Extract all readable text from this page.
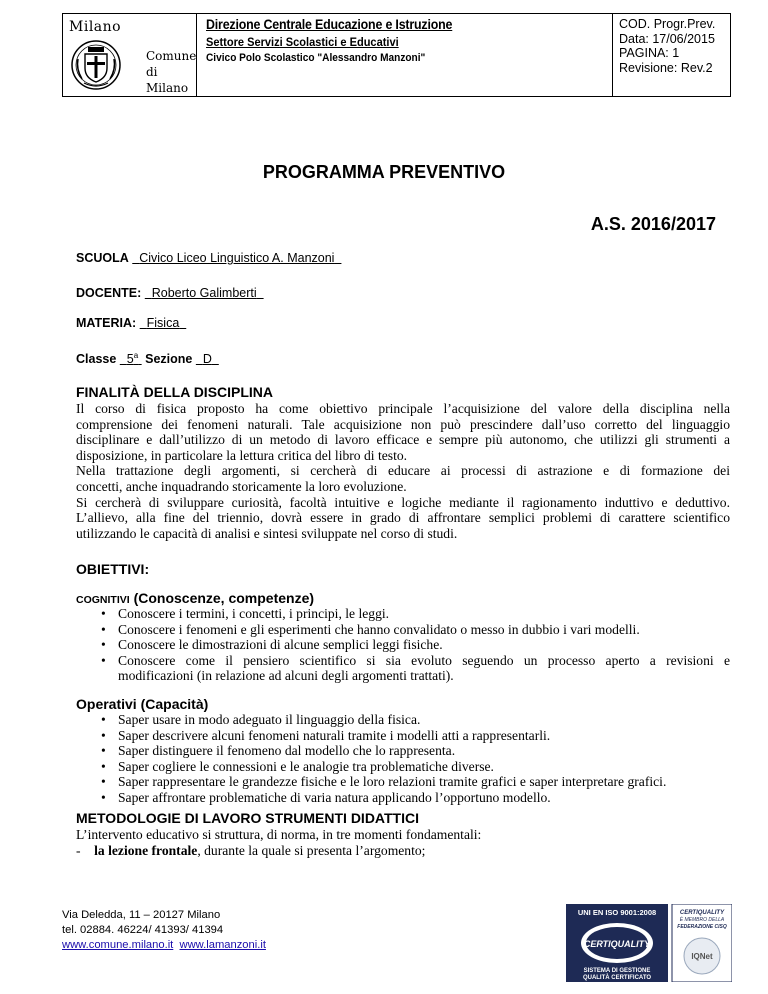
Milano
Comune
di Milano
Direzione Centrale Educazione e Istruzione
Settore Servizi Scolastici e Educativi
Civico Polo Scolastico "Alessandro Manzoni"
COD. Progr.Prev.
Data: 17/06/2015
PAGINA: 1
Revisione: Rev.2
PROGRAMMA PREVENTIVO
A.S. 2016/2017
SCUOLA Civico Liceo Linguistico A. Manzoni
DOCENTE: Roberto Galimberti
MATERIA: Fisica
Classe 5$^a$ Sezione D
FINALITÀ DELLA DISCIPLINA
Il corso di fisica proposto ha come obiettivo principale l’acquisizione del valore della disciplina nella
comprensione dei fenomeni naturali. Tale acquisizione non può prescindere dall’uso corretto del linguaggio
disciplinare e dall’utilizzo di un metodo di lavoro efficace e sempre più autonomo, che utilizzi gli strumenti a
disposizione, in particolare la lettura critica del libro di testo.
Nella trattazione degli argomenti, si cercherà di educare ai processi di astrazione e di formazione dei
concetti, anche inquadrando storicamente la loro evoluzione.
Si cercherà di sviluppare curiosità, facoltà intuitive e logiche mediante il ragionamento induttivo e deduttivo.
L’allievo, alla fine del triennio, dovrà essere in grado di affrontare semplici problemi di carattere scientifico
utilizzando le capacità di analisi e sintesi sviluppate nel corso di studi.
OBIETTIVI:
COGNITIVI (Conoscenze, competenze)
• Conoscere i termini, i concetti, i principi, le leggi.
• Conoscere i fenomeni e gli esperimenti che hanno convalidato o messo in dubbio i vari modelli.
• Conoscere le dimostrazioni di alcune semplici leggi fisiche.
• Conoscere come il pensiero scientifico si sia evoluto seguendo un processo aperto a revisioni e
modificazioni (in relazione ad alcuni degli argomenti trattati).
Operativi (Capacità)
• Saper usare in modo adeguato il linguaggio della fisica.
• Saper descrivere alcuni fenomeni naturali tramite i modelli atti a rappresentarli.
• Saper distinguere il fenomeno dal modello che lo rappresenta.
• Saper cogliere le connessioni e le analogie tra problematiche diverse.
• Saper rappresentare le grandezze fisiche e le loro relazioni tramite grafici e saper interpretare grafici.
• Saper affrontare problematiche di varia natura applicando l’opportuno modello.
METODOLOGIE DI LAVORO STRUMENTI DIDATTICI
L’intervento educativo si struttura, di norma, in tre momenti fondamentali:
- la lezione frontale, durante la quale si presenta l’argomento;
Via Deledda, 11 – 20127 Milano
tel. 02884. 46224/ 41393/ 41394
www.comune.milano.it www.lamanzoni.it
UNI EN ISO 9001:2008
CERTIQUALITY
SISTEMA DI GESTIONE
QUALITÀ CERTIFICATO
CERTIQUALITY
È MEMBRO DELLA
FEDERAZIONE CISQ
IQNet
